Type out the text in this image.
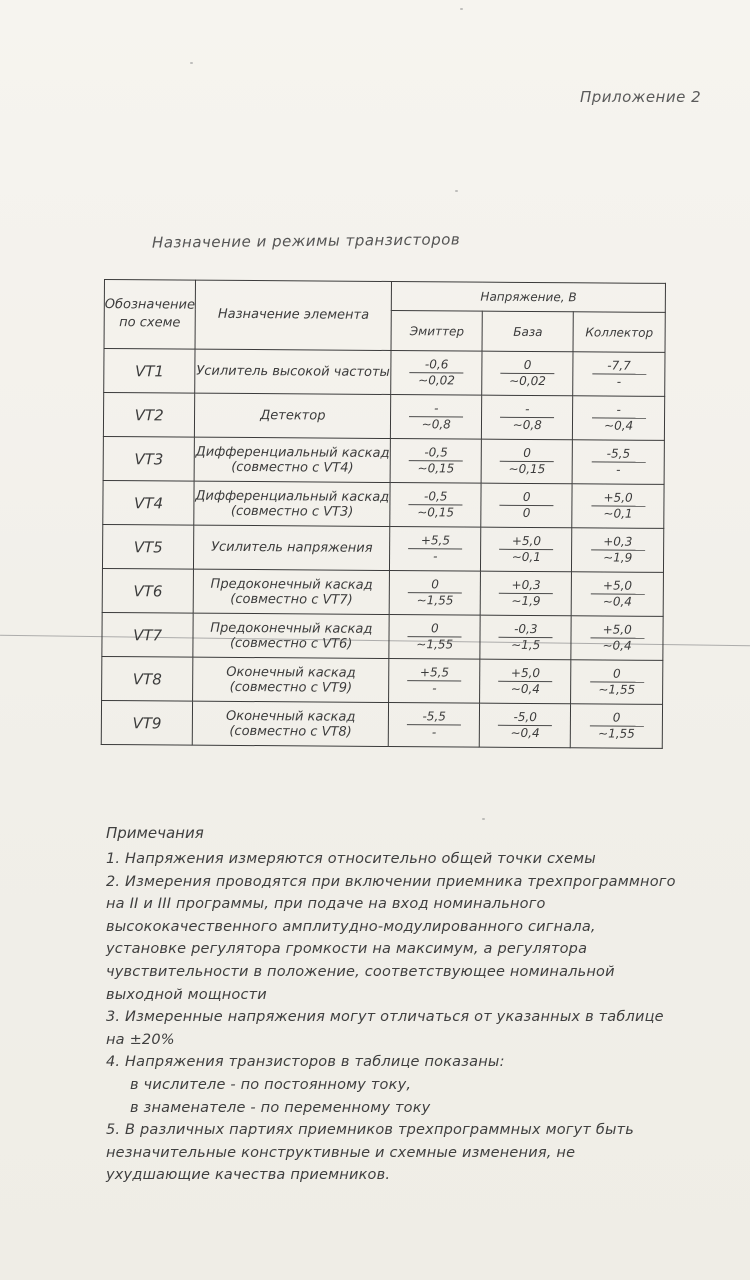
Приложение 2
Назначение и режимы транзисторов
Обозначение по схеме	Назначение элемента	Напряжение, В		
		Эмиттер	База	Коллектор
VT1	Усилитель высокой частоты	$\frac{-0,6}{\sim 0,02}$	$\frac{0}{\sim 0,02}$	$\frac{-7,7}{-}$

VT2	Детектор	$\frac{-}{\sim 0,8}$	$\frac{-}{\sim 0,8}$	$\frac{-}{\sim 0,4}$

VT3	Дифференциальный каскад (совместно с VT4)	$\frac{-0,5}{\sim 0,15}$	$\frac{0}{\sim 0,15}$	$\frac{-5,5}{-}$

VT4	Дифференциальный каскад (совместно с VT3)	$\frac{-0,5}{\sim 0,15}$	$\frac{0}{0}$	$\frac{+5,0}{\sim 0,1}$

VT5	Усилитель напряжения	$\frac{+5,5}{-}$	$\frac{+5,0}{\sim 0,1}$	$\frac{+0,3}{\sim 1,9}$

VT6	Предоконечный каскад (совместно с VT7)	$\frac{0}{\sim 1,55}$	$\frac{+0,3}{\sim 1,9}$	$\frac{+5,0}{\sim 0,4}$

VT7	Предоконечный каскад (совместно с VT6)	$\frac{0}{\sim 1,55}$	$\frac{-0,3}{\sim 1,5}$	$\frac{+5,0}{\sim 0,4}$

VT8	Оконечный каскад (совместно с VT9)	$\frac{+5,5}{-}$	$\frac{+5,0}{\sim 0,4}$	$\frac{0}{\sim 1,55}$

VT9	Оконечный каскад (совместно с VT8)	$\frac{-5,5}{-}$	$\frac{-5,0}{\sim 0,4}$	$\frac{0}{\sim 1,55}$
Примечания

1. Напряжения измеряются относительно общей точки схемы

2. Измерения проводятся при включении приемника трехпрограммного на II и III программы, при подаче на вход номинального высококачественного амплитудно-модулированного сигнала, установке регулятора громкости на максимум, а регулятора чувствительности в положение, соответствующее номинальной выходной мощности

3. Измеренные напряжения могут отличаться от указанных в таблице на ±20%

4. Напряжения транзисторов в таблице показаны:

в числителе - по постоянному току,

в знаменателе - по переменному току

5. В различных партиях приемников трехпрограммных могут быть незначительные конструктивные и схемные изменения, не ухудшающие качества приемников.
